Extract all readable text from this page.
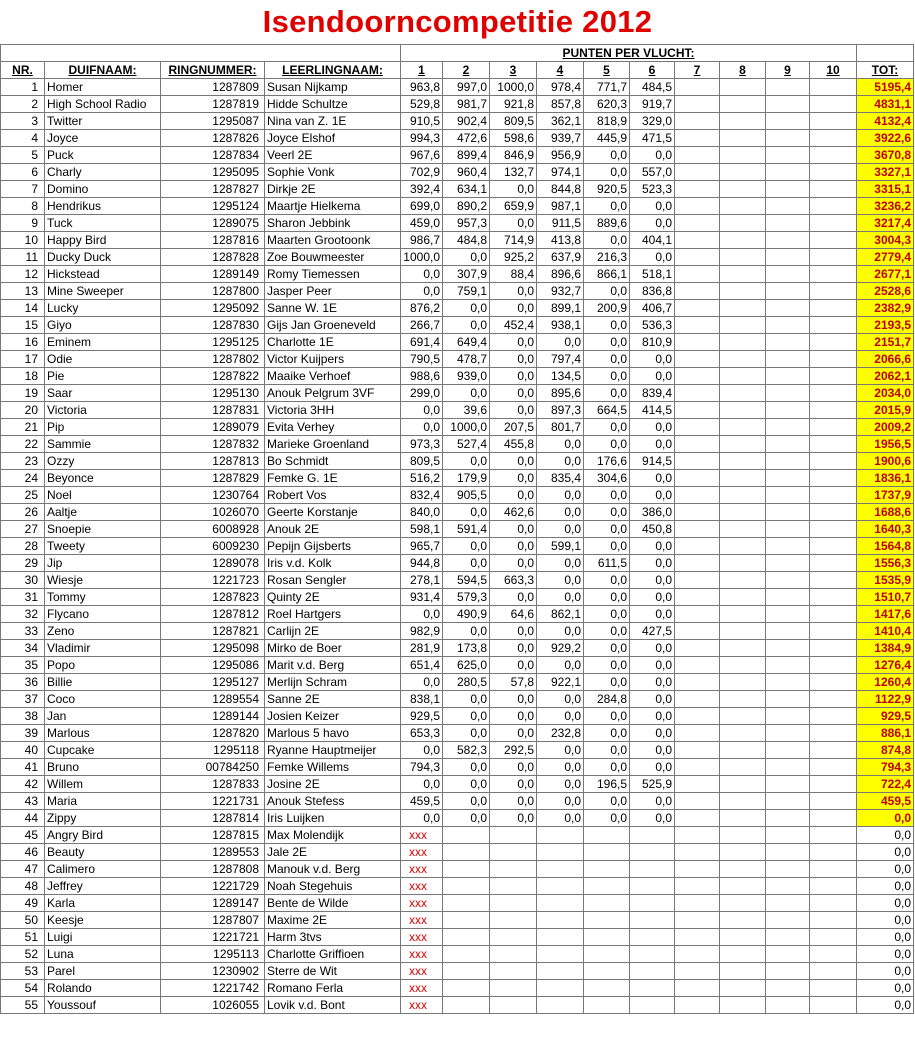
Isendoorncompetitie 2012
				PUNTEN PER VLUCHT:										
NR.	DUIFNAAM:	RINGNUMMER:	LEERLINGNAAM:	1	2	3	4	5	6	7	8	9	10	TOT:
1	Homer	1287809	Susan Nijkamp	963,8	997,0	1000,0	978,4	771,7	484,5					5195,4
2	High School Radio	1287819	Hidde Schultze	529,8	981,7	921,8	857,8	620,3	919,7					4831,1
3	Twitter	1295087	Nina van Z. 1E	910,5	902,4	809,5	362,1	818,9	329,0					4132,4
4	Joyce	1287826	Joyce Elshof	994,3	472,6	598,6	939,7	445,9	471,5					3922,6
5	Puck	1287834	Veerl 2E	967,6	899,4	846,9	956,9	0,0	0,0					3670,8
6	Charly	1295095	Sophie Vonk	702,9	960,4	132,7	974,1	0,0	557,0					3327,1
7	Domino	1287827	Dirkje 2E	392,4	634,1	0,0	844,8	920,5	523,3					3315,1
8	Hendrikus	1295124	Maartje Hielkema	699,0	890,2	659,9	987,1	0,0	0,0					3236,2
9	Tuck	1289075	Sharon Jebbink	459,0	957,3	0,0	911,5	889,6	0,0					3217,4
10	Happy Bird	1287816	Maarten Grootoonk	986,7	484,8	714,9	413,8	0,0	404,1					3004,3
11	Ducky Duck	1287828	Zoe Bouwmeester	1000,0	0,0	925,2	637,9	216,3	0,0					2779,4
12	Hickstead	1289149	Romy Tiemessen	0,0	307,9	88,4	896,6	866,1	518,1					2677,1
13	Mine Sweeper	1287800	Jasper Peer	0,0	759,1	0,0	932,7	0,0	836,8					2528,6
14	Lucky	1295092	Sanne W. 1E	876,2	0,0	0,0	899,1	200,9	406,7					2382,9
15	Giyo	1287830	Gijs Jan Groeneveld	266,7	0,0	452,4	938,1	0,0	536,3					2193,5
16	Eminem	1295125	Charlotte 1E	691,4	649,4	0,0	0,0	0,0	810,9					2151,7
17	Odie	1287802	Victor Kuijpers	790,5	478,7	0,0	797,4	0,0	0,0					2066,6
18	Pie	1287822	Maaike Verhoef	988,6	939,0	0,0	134,5	0,0	0,0					2062,1
19	Saar	1295130	Anouk Pelgrum 3VF	299,0	0,0	0,0	895,6	0,0	839,4					2034,0
20	Victoria	1287831	Victoria 3HH	0,0	39,6	0,0	897,3	664,5	414,5					2015,9
21	Pip	1289079	Evita Verhey	0,0	1000,0	207,5	801,7	0,0	0,0					2009,2
22	Sammie	1287832	Marieke Groenland	973,3	527,4	455,8	0,0	0,0	0,0					1956,5
23	Ozzy	1287813	Bo Schmidt	809,5	0,0	0,0	0,0	176,6	914,5					1900,6
24	Beyonce	1287829	Femke G. 1E	516,2	179,9	0,0	835,4	304,6	0,0					1836,1
25	Noel	1230764	Robert Vos	832,4	905,5	0,0	0,0	0,0	0,0					1737,9
26	Aaltje	1026070	Geerte Korstanje	840,0	0,0	462,6	0,0	0,0	386,0					1688,6
27	Snoepie	6008928	Anouk 2E	598,1	591,4	0,0	0,0	0,0	450,8					1640,3
28	Tweety	6009230	Pepijn Gijsberts	965,7	0,0	0,0	599,1	0,0	0,0					1564,8
29	Jip	1289078	Iris v.d. Kolk	944,8	0,0	0,0	0,0	611,5	0,0					1556,3
30	Wiesje	1221723	Rosan Sengler	278,1	594,5	663,3	0,0	0,0	0,0					1535,9
31	Tommy	1287823	Quinty 2E	931,4	579,3	0,0	0,0	0,0	0,0					1510,7
32	Flycano	1287812	Roel Hartgers	0,0	490,9	64,6	862,1	0,0	0,0					1417,6
33	Zeno	1287821	Carlijn 2E	982,9	0,0	0,0	0,0	0,0	427,5					1410,4
34	Vladimir	1295098	Mirko de Boer	281,9	173,8	0,0	929,2	0,0	0,0					1384,9
35	Popo	1295086	Marit v.d. Berg	651,4	625,0	0,0	0,0	0,0	0,0					1276,4
36	Billie	1295127	Merlijn Schram	0,0	280,5	57,8	922,1	0,0	0,0					1260,4
37	Coco	1289554	Sanne 2E	838,1	0,0	0,0	0,0	284,8	0,0					1122,9
38	Jan	1289144	Josien Keizer	929,5	0,0	0,0	0,0	0,0	0,0					929,5
39	Marlous	1287820	Marlous 5 havo	653,3	0,0	0,0	232,8	0,0	0,0					886,1
40	Cupcake	1295118	Ryanne Hauptmeijer	0,0	582,3	292,5	0,0	0,0	0,0					874,8
41	Bruno	00784250	Femke Willems	794,3	0,0	0,0	0,0	0,0	0,0					794,3
42	Willem	1287833	Josine 2E	0,0	0,0	0,0	0,0	196,5	525,9					722,4
43	Maria	1221731	Anouk Stefess	459,5	0,0	0,0	0,0	0,0	0,0					459,5
44	Zippy	1287814	Iris Luijken	0,0	0,0	0,0	0,0	0,0	0,0					0,0
45	Angry Bird	1287815	Max Molendijk	xxx										0,0
46	Beauty	1289553	Jale 2E	xxx										0,0
47	Calimero	1287808	Manouk v.d. Berg	xxx										0,0
48	Jeffrey	1221729	Noah Stegehuis	xxx										0,0
49	Karla	1289147	Bente de Wilde	xxx										0,0
50	Keesje	1287807	Maxime 2E	xxx										0,0
51	Luigi	1221721	Harm 3tvs	xxx										0,0
52	Luna	1295113	Charlotte Griffioen	xxx										0,0
53	Parel	1230902	Sterre de Wit	xxx										0,0
54	Rolando	1221742	Romano Ferla	xxx										0,0
55	Youssouf	1026055	Lovik v.d. Bont	xxx										0,0
